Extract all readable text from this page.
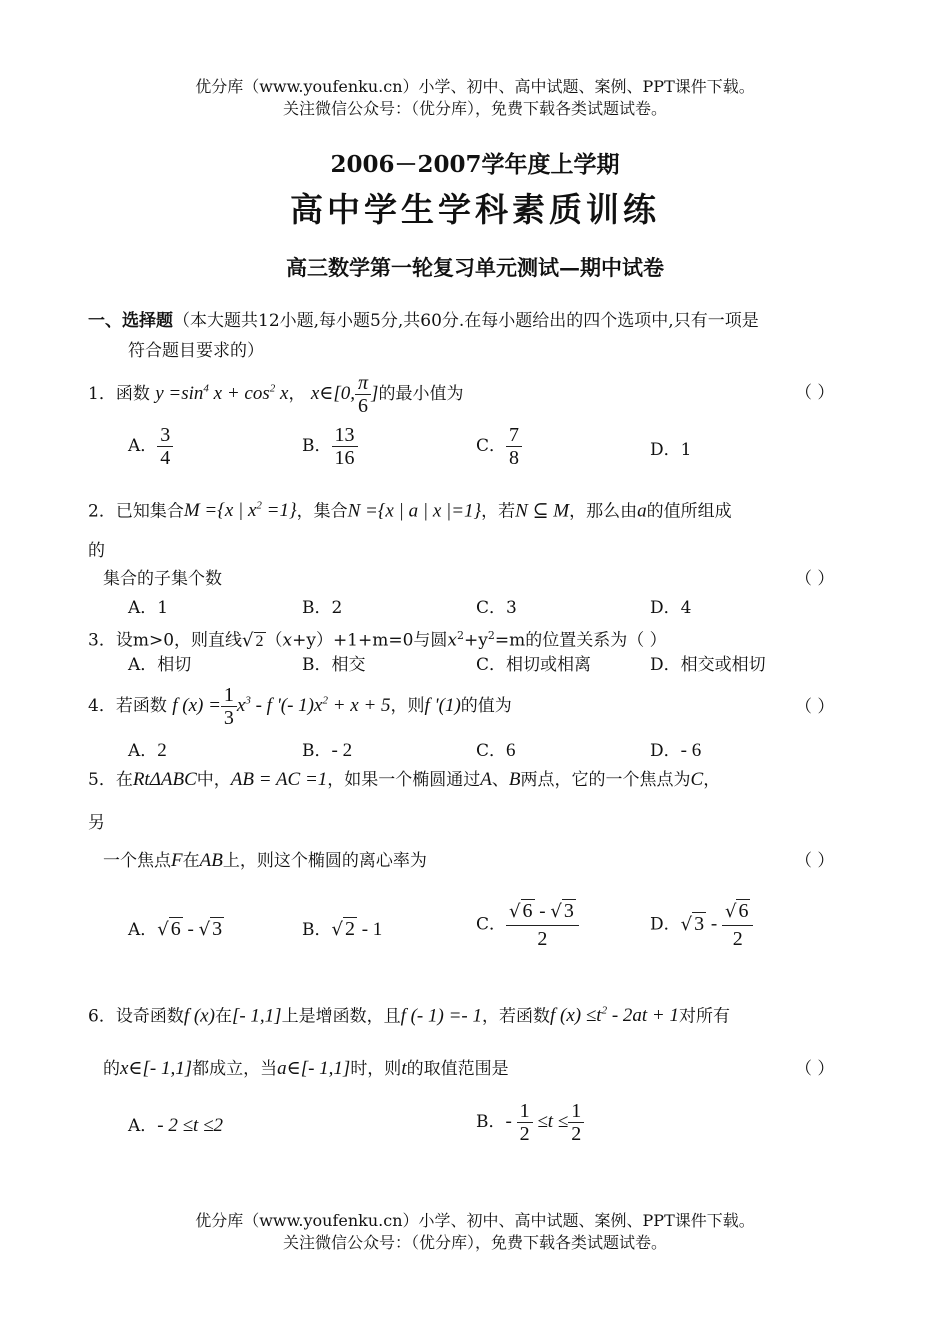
优分库（www.youfenku.cn）小学、初中、高中试题、案例、PPT课件下载。
关注微信公众号：（优分库），免费下载各类试题试卷。
2006－2007学年度上学期
高中学生学科素质训练
高三数学第一轮复习单元测试—期中试卷
一、选择题（本大题共12小题,每小题5分,共60分.在每小题给出的四个选项中,只有一项是
符合题目要求的）
1．函数 $y =\sin^4$ $x + \cos^2 x$， x∈[0, $\frac{\pi}{6}$ ]的最小值为	（ ）
A． $\frac{3}{4}$	B． $\frac{13}{16}$	C． $\frac{7}{8}$	D．1
2．已知集合M ={x | $x^2 =1$}，集合N ={x | a | x |=1}，若N ⊆ M，那么由a的值所组成
的
集合的子集个数	（ ）
A．1	B．2	C．3	D．4
3．设m>0，则直线√ 2 （x+y）+1+m=0与圆$x^2+y^2=m$的位置关系为（ ）
A．相切	B．相交	C．相切或相离	D．相交或相切
4．若函数 f $(x) = \frac{1}{3} x^3 - f$ '(- $1)x^2 + x + 5$，则f '(1)的值为	（ ）
A．2	B．- 2	C．6	D．- 6
5．在RtΔABC中，AB = AC =1，如果一个椭圆通过A、B两点，它的一个焦点为C，
另
一个焦点F在AB上，则这个椭圆的离心率为	（ ）
A．√ 6 - √ 3	B．√ 2 - 1	C． $\frac{√ 6 - √ 3}{2}$	D．√ $3 - \frac{√ 6}{2}$
6．设奇函数f (x)在[- 1,1]上是增函数，且f (- 1) =- 1，若函数f $(x) \le t^2 - 2at + 1$对所有
的x∈[- 1,1]都成立，当a∈[- 1,1]时，则t的取值范围是	（ ）
A．- 2 ≤t ≤2	B．- $\frac{1}{2} \le t \le \frac{1}{2}$
优分库（www.youfenku.cn）小学、初中、高中试题、案例、PPT课件下载。
关注微信公众号：（优分库），免费下载各类试题试卷。
